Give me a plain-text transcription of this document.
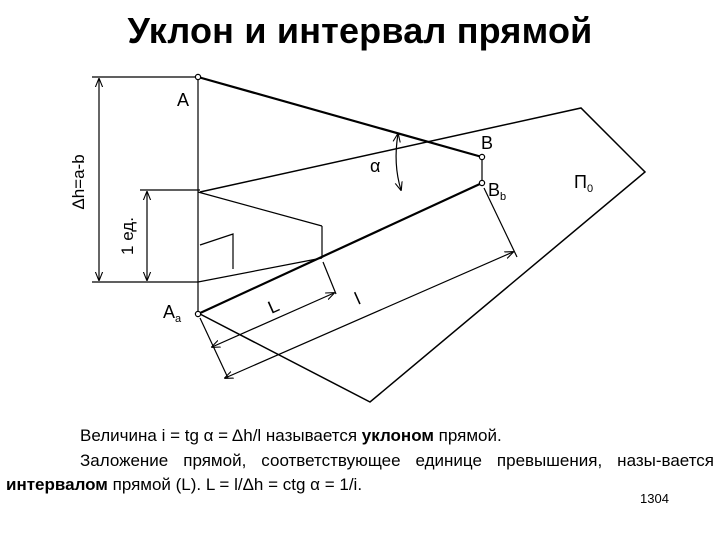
Уклон и интервал прямой
Δh=a-b
1 ед.
L	l
α
A
B
$B_b$
$A_a$
$П_0$
Величина i = tg α = Δh/l называется уклоном прямой.
Заложение прямой, соответствующее единице превышения, назы-вается интервалом прямой (L). L = l/Δh = ctg α = 1/i.
1304
